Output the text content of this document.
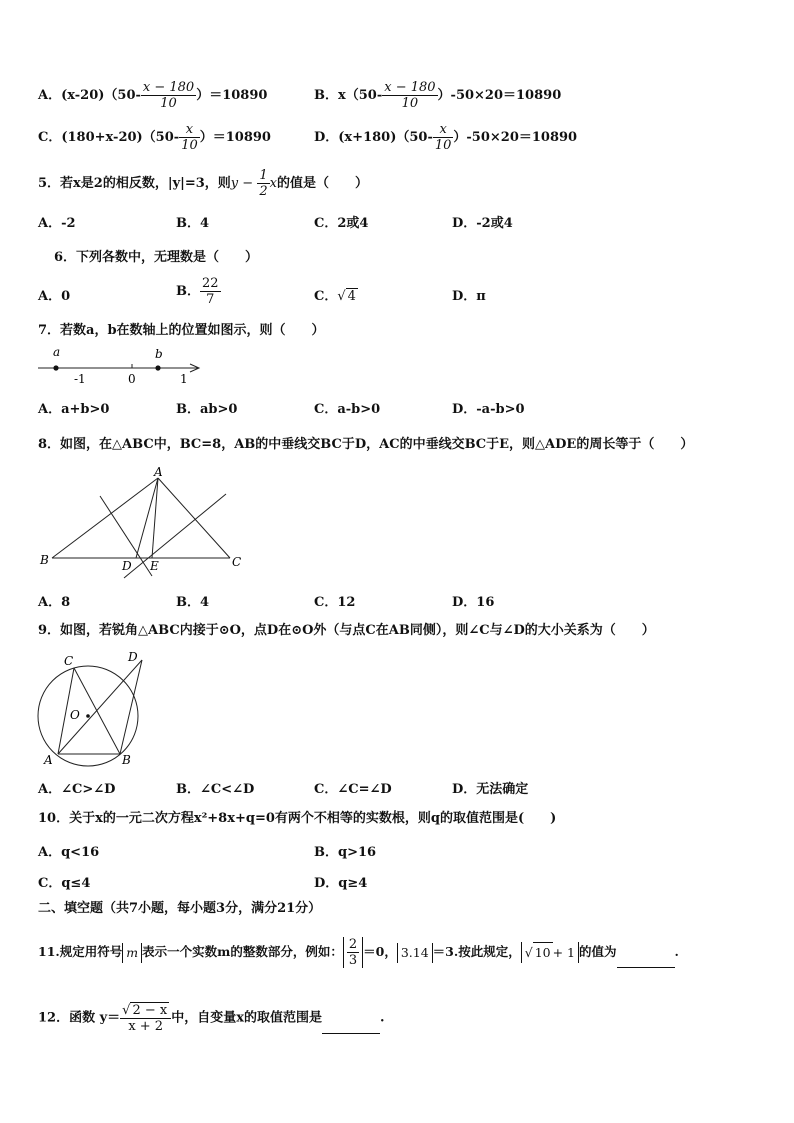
A．$(x-20)(50- \frac{x - 180}{10} )=10890$	B．$x(50- \frac{x - 180}{10} )-50\times 20=10890$
C．$(180+x-20)(50- \frac{x}{10} )=10890$	D．$(x+180)(50- \frac{x}{10} )-50\times 20=10890$
5．若x是2的相反数，|y|=3，则$y - \frac{1}{2}$ x的值是（　　）
A．-2	B．4	C．2或4	D．-2或4
6．下列各数中，无理数是（　　）
A．0	B． $\frac{22}{7}$	C．√ 4	D．π
7．若数a，b在数轴上的位置如图示，则（　　）
a	b
-1	0	1
A．a+b>0	B．ab>0	C．a-b>0	D．-a-b>0
8．如图，在△ABC中，BC=8，AB的中垂线交BC于D，AC的中垂线交BC于E，则△ADE的周长等于（　　）
A
B	C
D E
A．8	B．4	C．12	D．16
9．如图，若锐角△ABC内接于⊙O，点D在⊙O外（与点C在AB同侧），则∠C与∠D的大小关系为（　　）
C	D
O
A	B
A．∠C>∠D	B．∠C<∠D	C．∠C=∠D	D．无法确定
10．关于x的一元二次方程x²+8x+q=0有两个不相等的实数根，则q的取值范围是(　　)
A．q<16	B．q>16
C．q≤4	D．q≥4
二、填空题（共7小题，每小题3分，满分21分）
11.规定用符号 m 表示一个实数m的整数部分，例如： $\frac{2}{3} =0$， 3.14 ＝3.按此规定， √ 10 + 1 的值为	.
12．函数 $y= \frac{√ 2 - x}{x + 2}$ 中，自变量x的取值范围是	.
